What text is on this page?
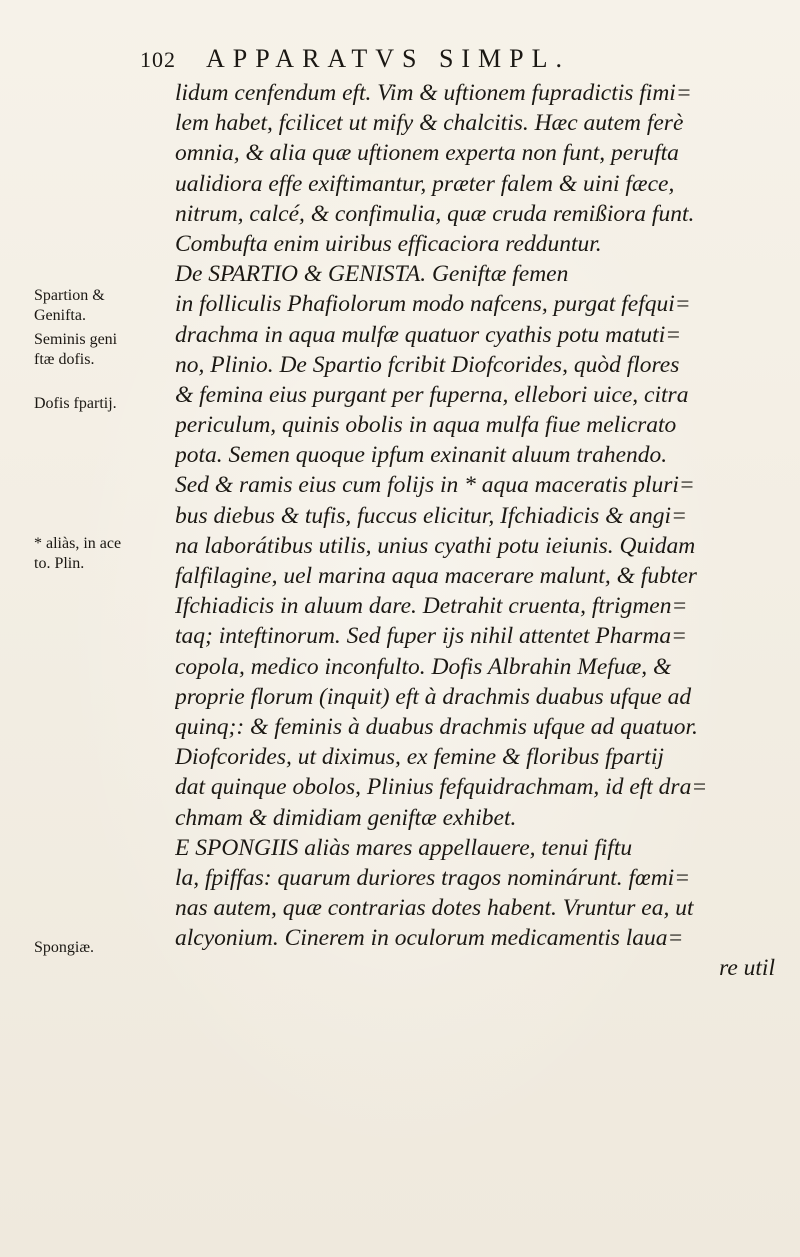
102 APPARATVS SIMPL.
lidum cenfendum eft. Vim & uftionem fupradictis fimi=
lem habet, fcilicet ut mify & chalcitis. Hæc autem ferè
omnia, & alia quæ uftionem experta non funt, perufta
ualidiora effe exiftimantur, præter falem & uini fæce,
nitrum, calcé, & confimulia, quæ cruda remißiora funt.
Combufta enim uiribus efficaciora redduntur.
De SPARTIO & GENISTA. Geniftæ femen
in folliculis Phafiolorum modo nafcens, purgat fefqui=
drachma in aqua mulfæ quatuor cyathis potu matuti=
no, Plinio. De Spartio fcribit Diofcorides, quòd flores
& femina eius purgant per fuperna, ellebori uice, citra
periculum, quinis obolis in aqua mulfa fiue melicrato
pota. Semen quoque ipfum exinanit aluum trahendo.
Sed & ramis eius cum folijs in * aqua maceratis pluri=
bus diebus & tufis, fuccus elicitur, Ifchiadicis & angi=
na laborátibus utilis, unius cyathi potu ieiunis. Quidam
falfilagine, uel marina aqua macerare malunt, & fubter
Ifchiadicis in aluum dare. Detrahit cruenta, ftrigmen=
taq; inteftinorum. Sed fuper ijs nihil attentet Pharma=
copola, medico inconfulto. Dofis Albrahin Mefuæ, &
proprie florum (inquit) eft à drachmis duabus ufque ad
quinq;: & feminis à duabus drachmis ufque ad quatuor.
Diofcorides, ut diximus, ex femine & floribus fpartij
dat quinque obolos, Plinius fefquidrachmam, id eft dra=
chmam & dimidiam geniftæ exhibet.
E SPONGIIS aliàs mares appellauere, tenui fiftu
la, fpiffas: quarum duriores tragos nominárunt. fœmi=
nas autem, quæ contrarias dotes habent. Vruntur ea, ut
alcyonium. Cinerem in oculorum medicamentis laua=
re util
Spartion &
Genifta.
Seminis geni
ftæ dofis.
Dofis fpartij.
* aliàs, in ace
to. Plin.
Spongiæ.
